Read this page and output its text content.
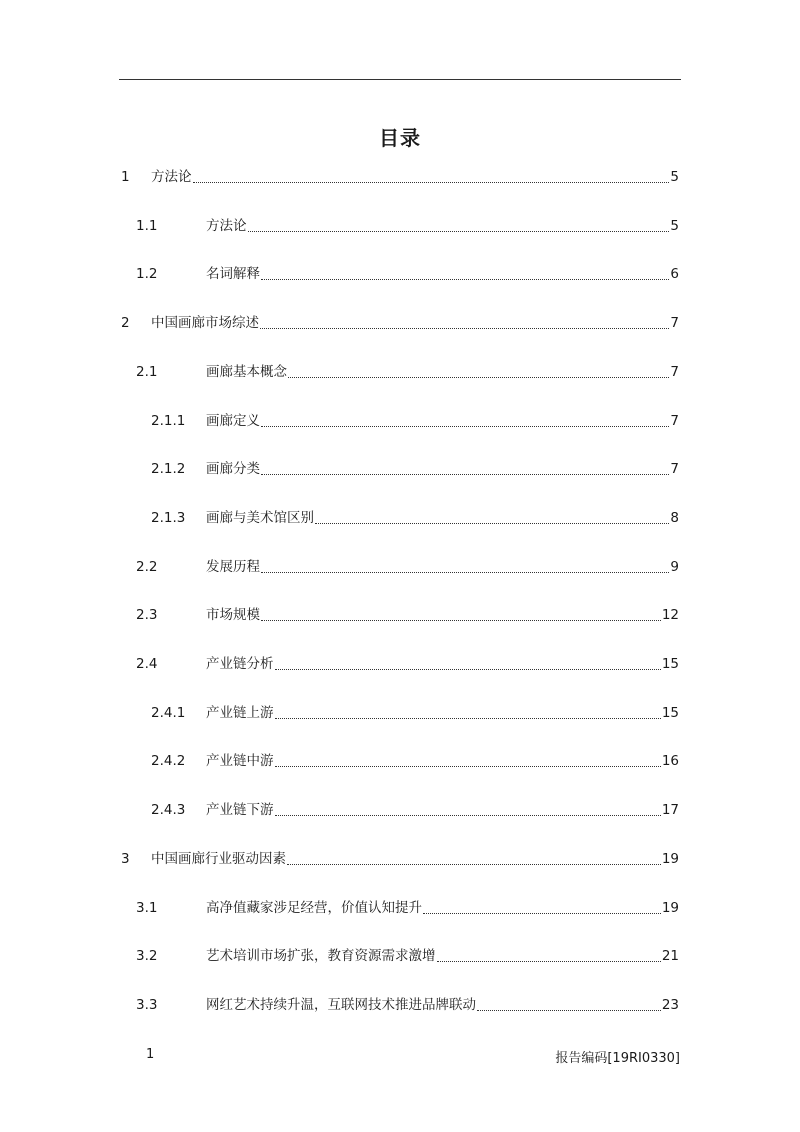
目录
1	方法论	5
1.1	方法论	5
1.2	名词解释	6
2	中国画廊市场综述	7
2.1	画廊基本概念	7
2.1.1	画廊定义	7
2.1.2	画廊分类	7
2.1.3	画廊与美术馆区别	8
2.2	发展历程	9
2.3	市场规模	12
2.4	产业链分析	15
2.4.1	产业链上游	15
2.4.2	产业链中游	16
2.4.3	产业链下游	17
3	中国画廊行业驱动因素	19
3.1	高净值藏家涉足经营，价值认知提升	19
3.2	艺术培训市场扩张，教育资源需求激增	21
3.3	网红艺术持续升温，互联网技术推进品牌联动	23
1	报告编码[19RI0330]
